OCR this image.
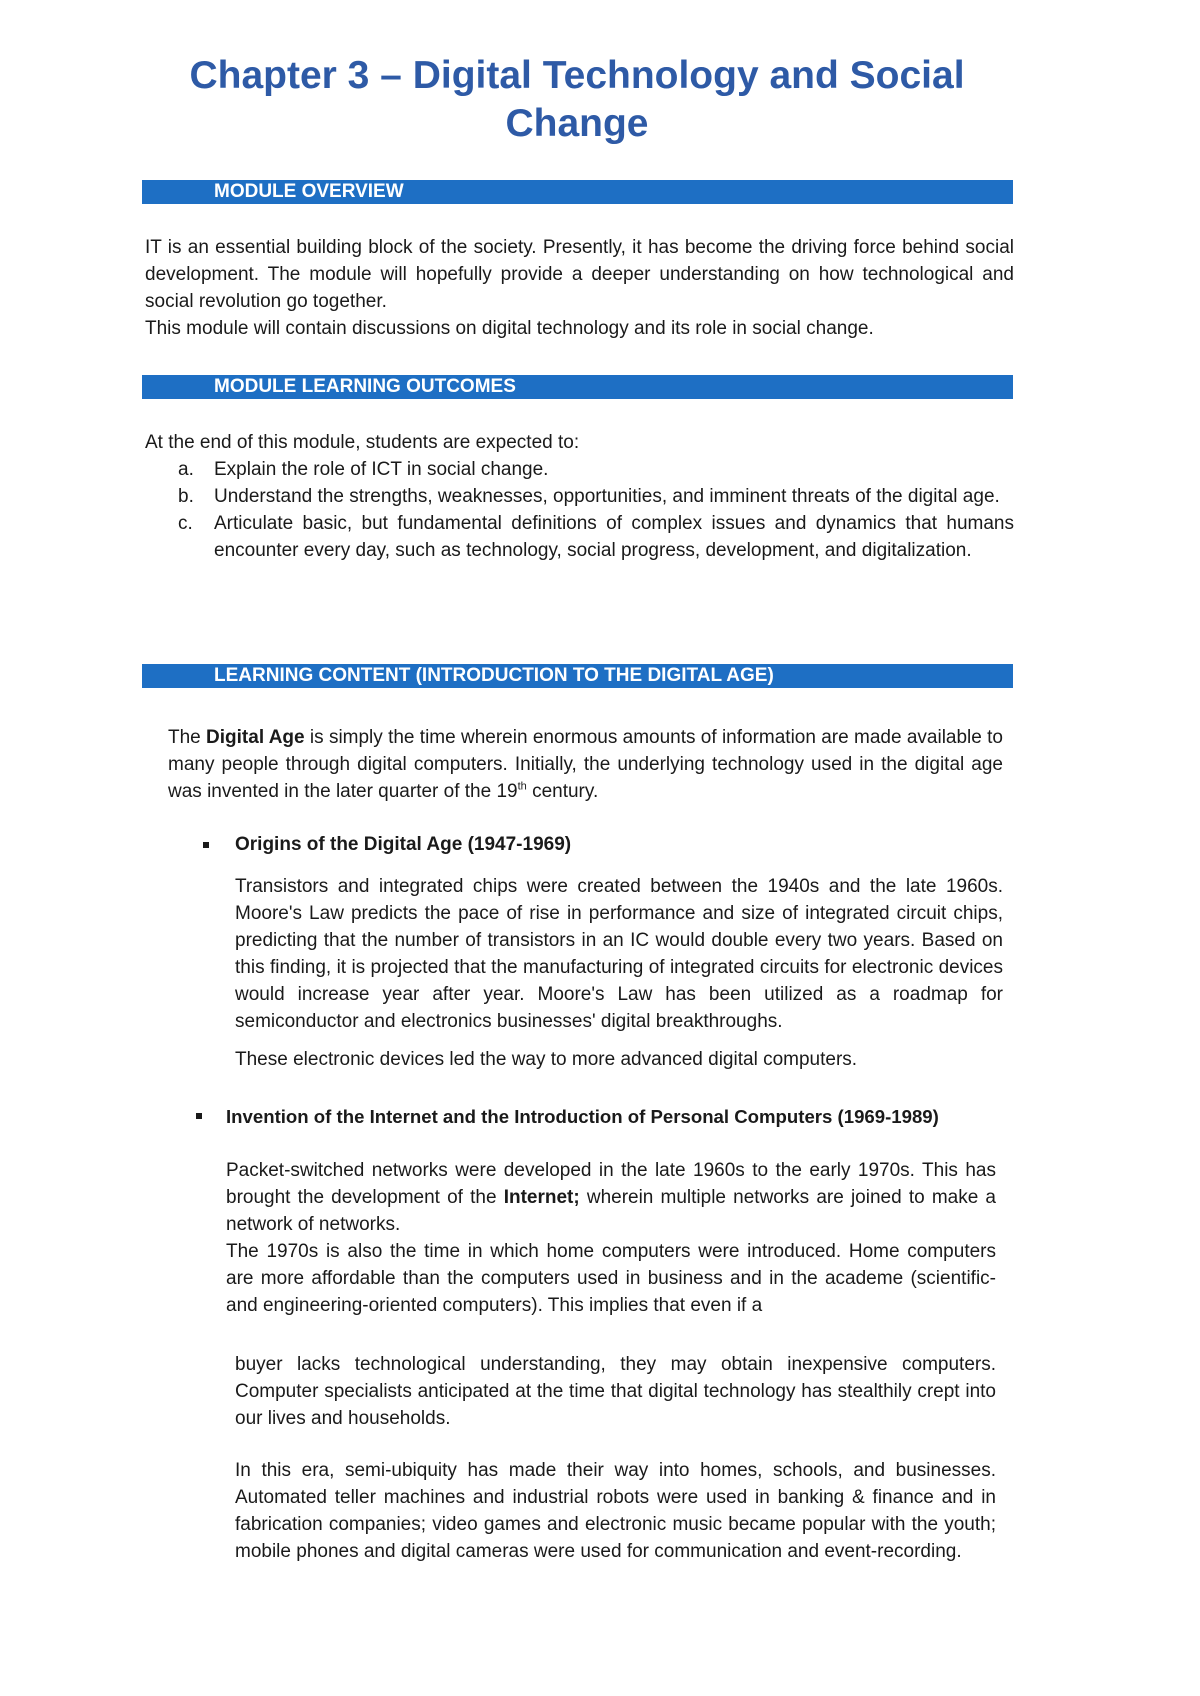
Chapter 3 – Digital Technology and Social
Change
MODULE OVERVIEW

IT is an essential building block of the society. Presently, it has become the driving force behind social development. The module will hopefully provide a deeper understanding on how technological and social revolution go together.
This module will contain discussions on digital technology and its role in social change.

MODULE LEARNING OUTCOMES

At the end of this module, students are expected to:

a. Explain the role of ICT in social change.
b. Understand the strengths, weaknesses, opportunities, and imminent threats of the digital age.
c. Articulate basic, but fundamental definitions of complex issues and dynamics that humans encounter every day, such as technology, social progress, development, and digitalization.
LEARNING CONTENT (INTRODUCTION TO THE DIGITAL AGE)

The Digital Age is simply the time wherein enormous amounts of information are made available to many people through digital computers. Initially, the underlying technology used in the digital age was invented in the later quarter of the 19th century.

Origins of the Digital Age (1947-1969)

Transistors and integrated chips were created between the 1940s and the late 1960s. Moore's Law predicts the pace of rise in performance and size of integrated circuit chips, predicting that the number of transistors in an IC would double every two years. Based on this finding, it is projected that the manufacturing of integrated circuits for electronic devices would increase year after year. Moore's Law has been utilized as a roadmap for semiconductor and electronics businesses' digital breakthroughs.

These electronic devices led the way to more advanced digital computers.

Invention of the Internet and the Introduction of Personal Computers (1969-1989)

Packet-switched networks were developed in the late 1960s to the early 1970s. This has brought the development of the Internet; wherein multiple networks are joined to make a network of networks.
The 1970s is also the time in which home computers were introduced. Home computers are more affordable than the computers used in business and in the academe (scientific- and engineering-oriented computers). This implies that even if a

buyer lacks technological understanding, they may obtain inexpensive computers. Computer specialists anticipated at the time that digital technology has stealthily crept into our lives and households.

In this era, semi-ubiquity has made their way into homes, schools, and businesses. Automated teller machines and industrial robots were used in banking & finance and in fabrication companies; video games and electronic music became popular with the youth; mobile phones and digital cameras were used for communication and event-recording.
